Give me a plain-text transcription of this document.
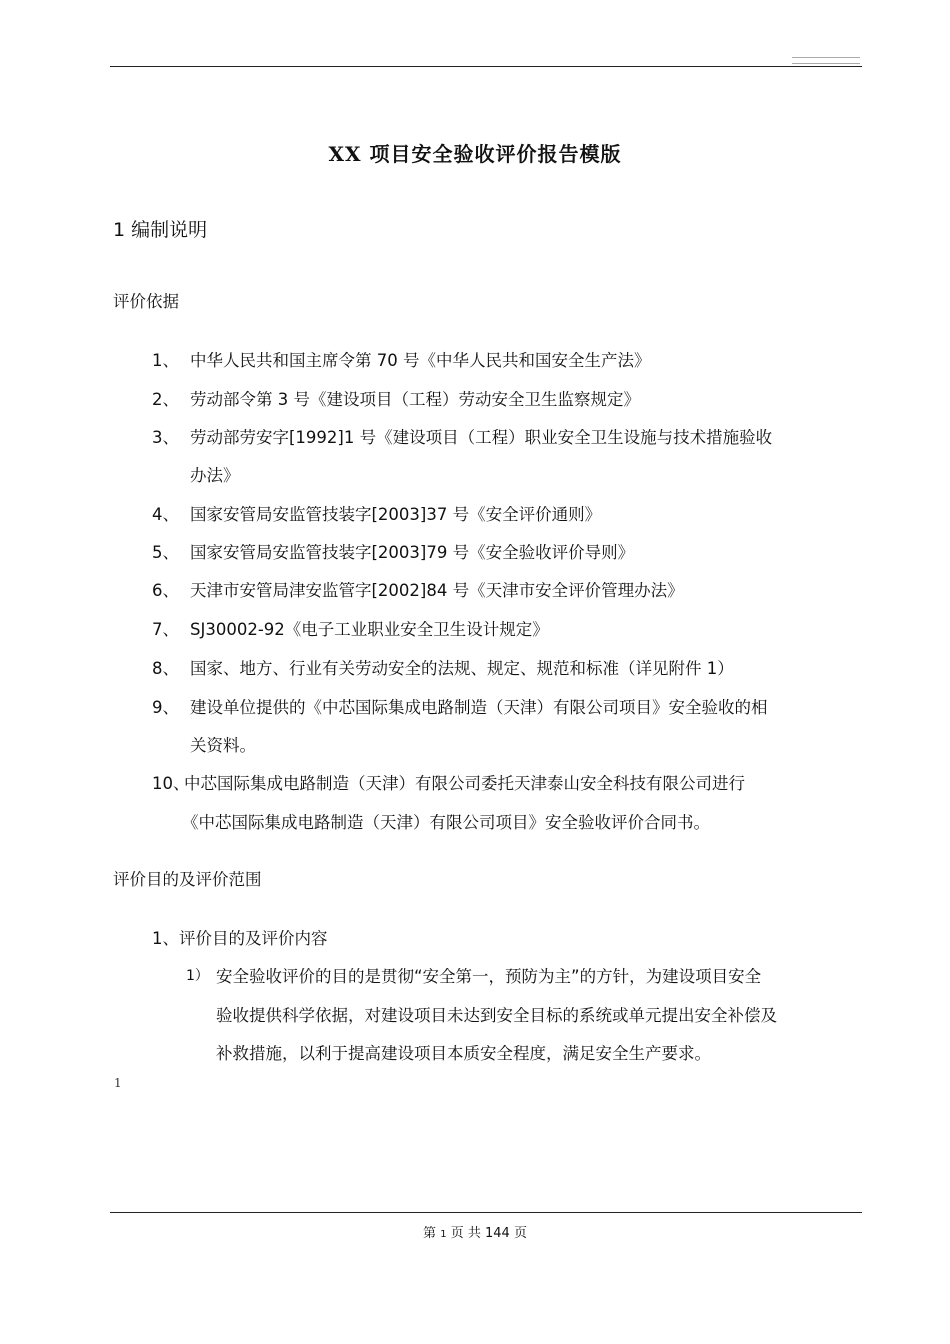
XX 项目安全验收评价报告模版
1 编制说明
评价依据
1、 中华人民共和国主席令第 70 号《中华人民共和国安全生产法》
2、 劳动部令第 3 号《建设项目（工程）劳动安全卫生监察规定》
3、 劳动部劳安字[1992]1 号《建设项目（工程）职业安全卫生设施与技术措施验收
办法》
4、 国家安管局安监管技装字[2003]37 号《安全评价通则》
5、 国家安管局安监管技装字[2003]79 号《安全验收评价导则》
6、 天津市安管局津安监管字[2002]84 号《天津市安全评价管理办法》
7、 SJ30002-92《电子工业职业安全卫生设计规定》
8、 国家、地方、行业有关劳动安全的法规、规定、规范和标准（详见附件 1）
9、 建设单位提供的《中芯国际集成电路制造（天津）有限公司项目》安全验收的相
关资料。
10、
中芯国际集成电路制造（天津）有限公司委托天津泰山安全科技有限公司进行
《中芯国际集成电路制造（天津）有限公司项目》安全验收评价合同书。
评价目的及评价范围
1、评价目的及评价内容
1） 安全验收评价的目的是贯彻“安全第一，预防为主”的方针，为建设项目安全
验收提供科学依据，对建设项目未达到安全目标的系统或单元提出安全补偿及
补救措施，以利于提高建设项目本质安全程度，满足安全生产要求。
1
第 1 页 共 144 页
